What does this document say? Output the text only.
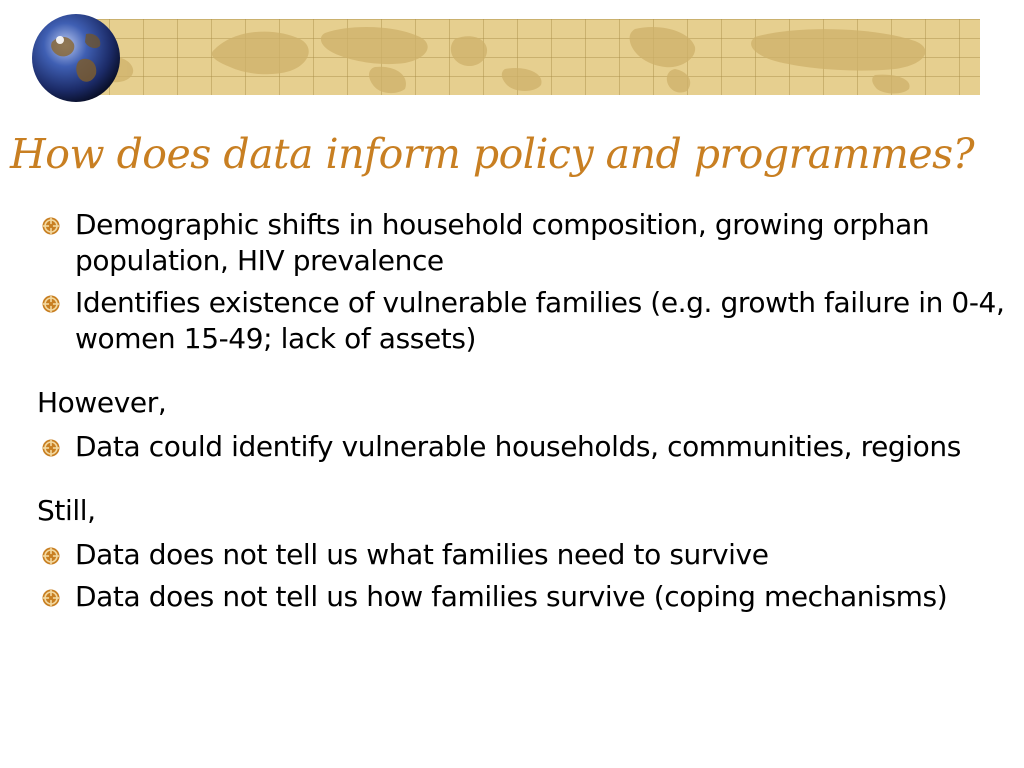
How does data inform policy and programmes?
Demographic shifts in household composition, growing orphan population, HIV prevalence
Identifies existence of vulnerable families (e.g. growth failure in 0-4, women 15-49; lack of assets)
However,
Data could identify vulnerable households, communities, regions
Still,
Data does not tell us what families need to survive
Data does not tell us how families survive (coping mechanisms)
